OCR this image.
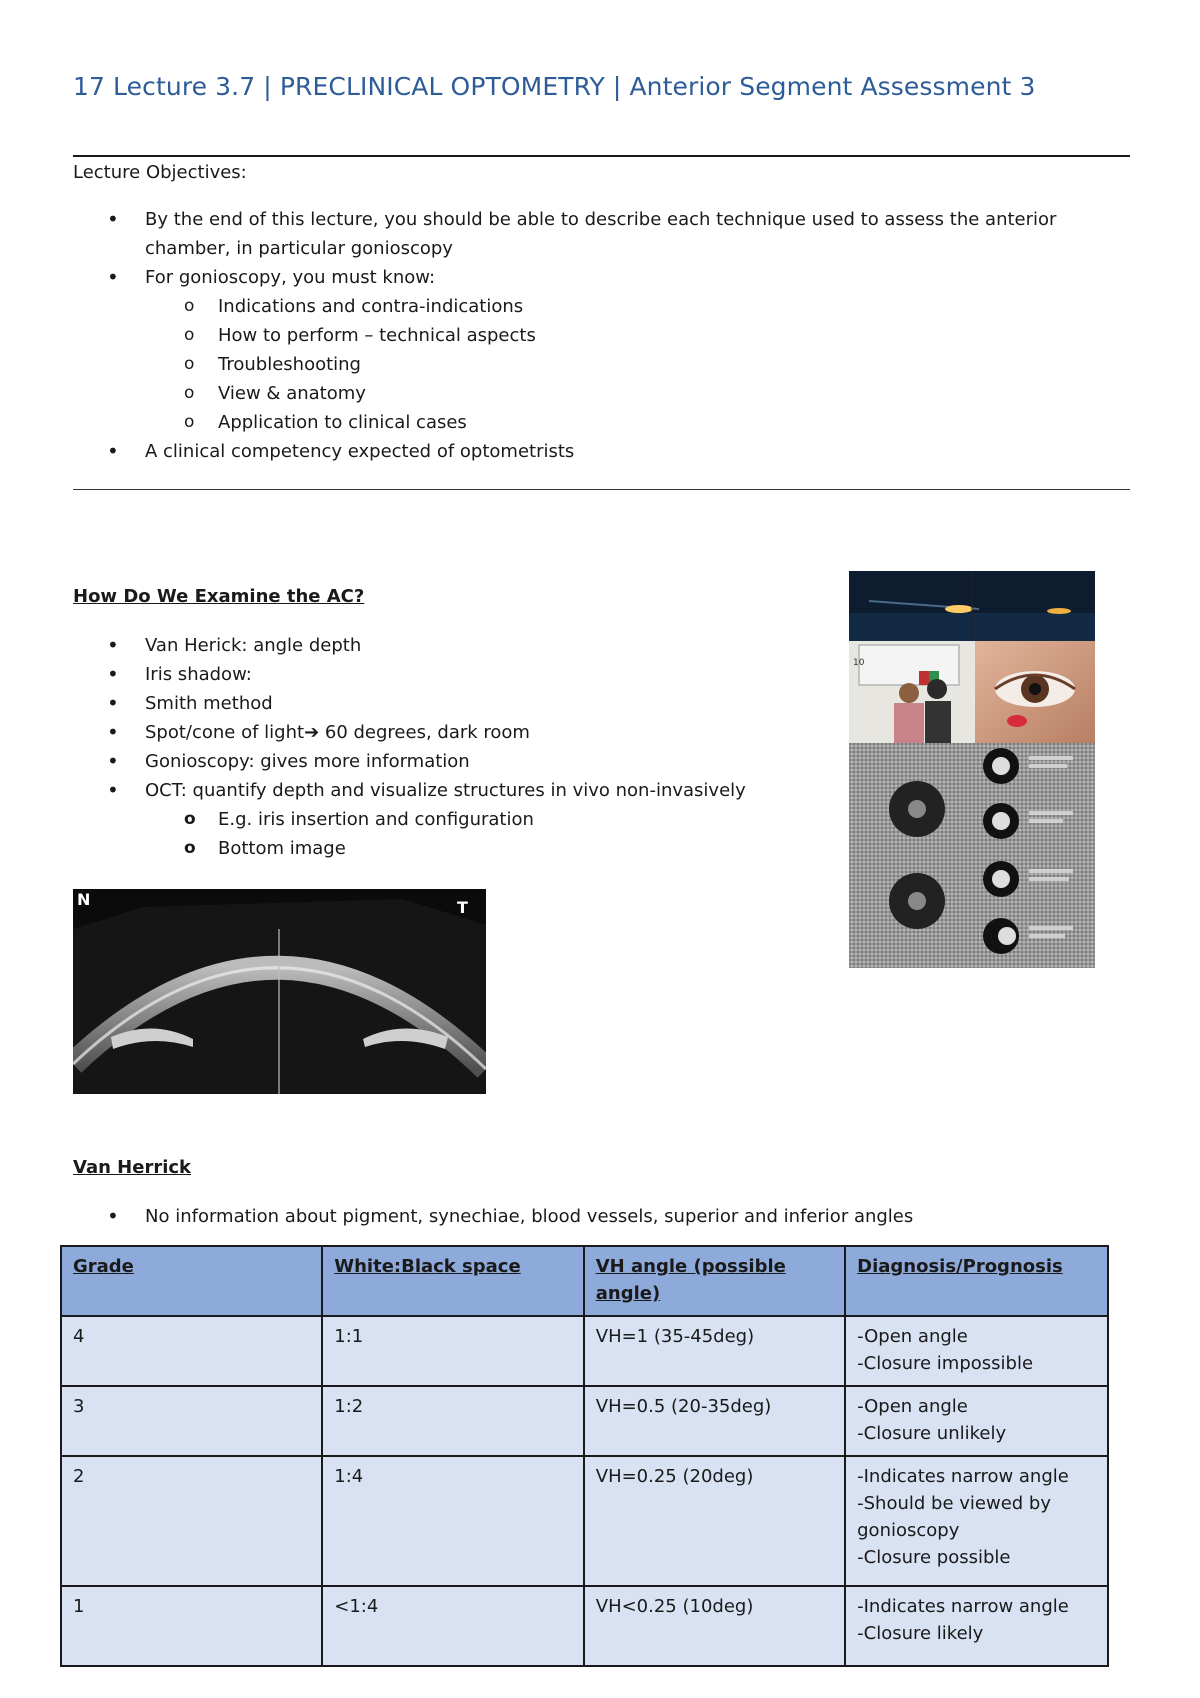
17 Lecture 3.7 | PRECLINICAL OPTOMETRY | Anterior Segment Assessment 3
Lecture Objectives:
• By the end of this lecture, you should be able to describe each technique used to assess the anterior
chamber, in particular gonioscopy
• For gonioscopy, you must know:
o Indications and contra-indications
o How to perform – technical aspects
o Troubleshooting
o View & anatomy
o Application to clinical cases
• A clinical competency expected of optometrists
How Do We Examine the AC?
• Van Herick: angle depth
• Iris shadow:
• Smith method
• Spot/cone of light➔ 60 degrees, dark room
• Gonioscopy: gives more information
• OCT: quantify depth and visualize structures in vivo non-invasively
o E.g. iris insertion and configuration
o Bottom image
10
N	T
Van Herrick
• No information about pigment, synechiae, blood vessels, superior and inferior angles
Grade	White:Black space	VH angle (possible angle)	Diagnosis/Prognosis
4	1:1	VH=1 (35-45deg)	-Open angle
-Closure impossible

3	1:2	VH=0.5 (20-35deg)	-Open angle
-Closure unlikely

2	1:4	VH=0.25 (20deg)	-Indicates narrow angle
-Should be viewed by
gonioscopy
-Closure possible

1	<1:4	VH<0.25 (10deg)	-Indicates narrow angle
-Closure likely
